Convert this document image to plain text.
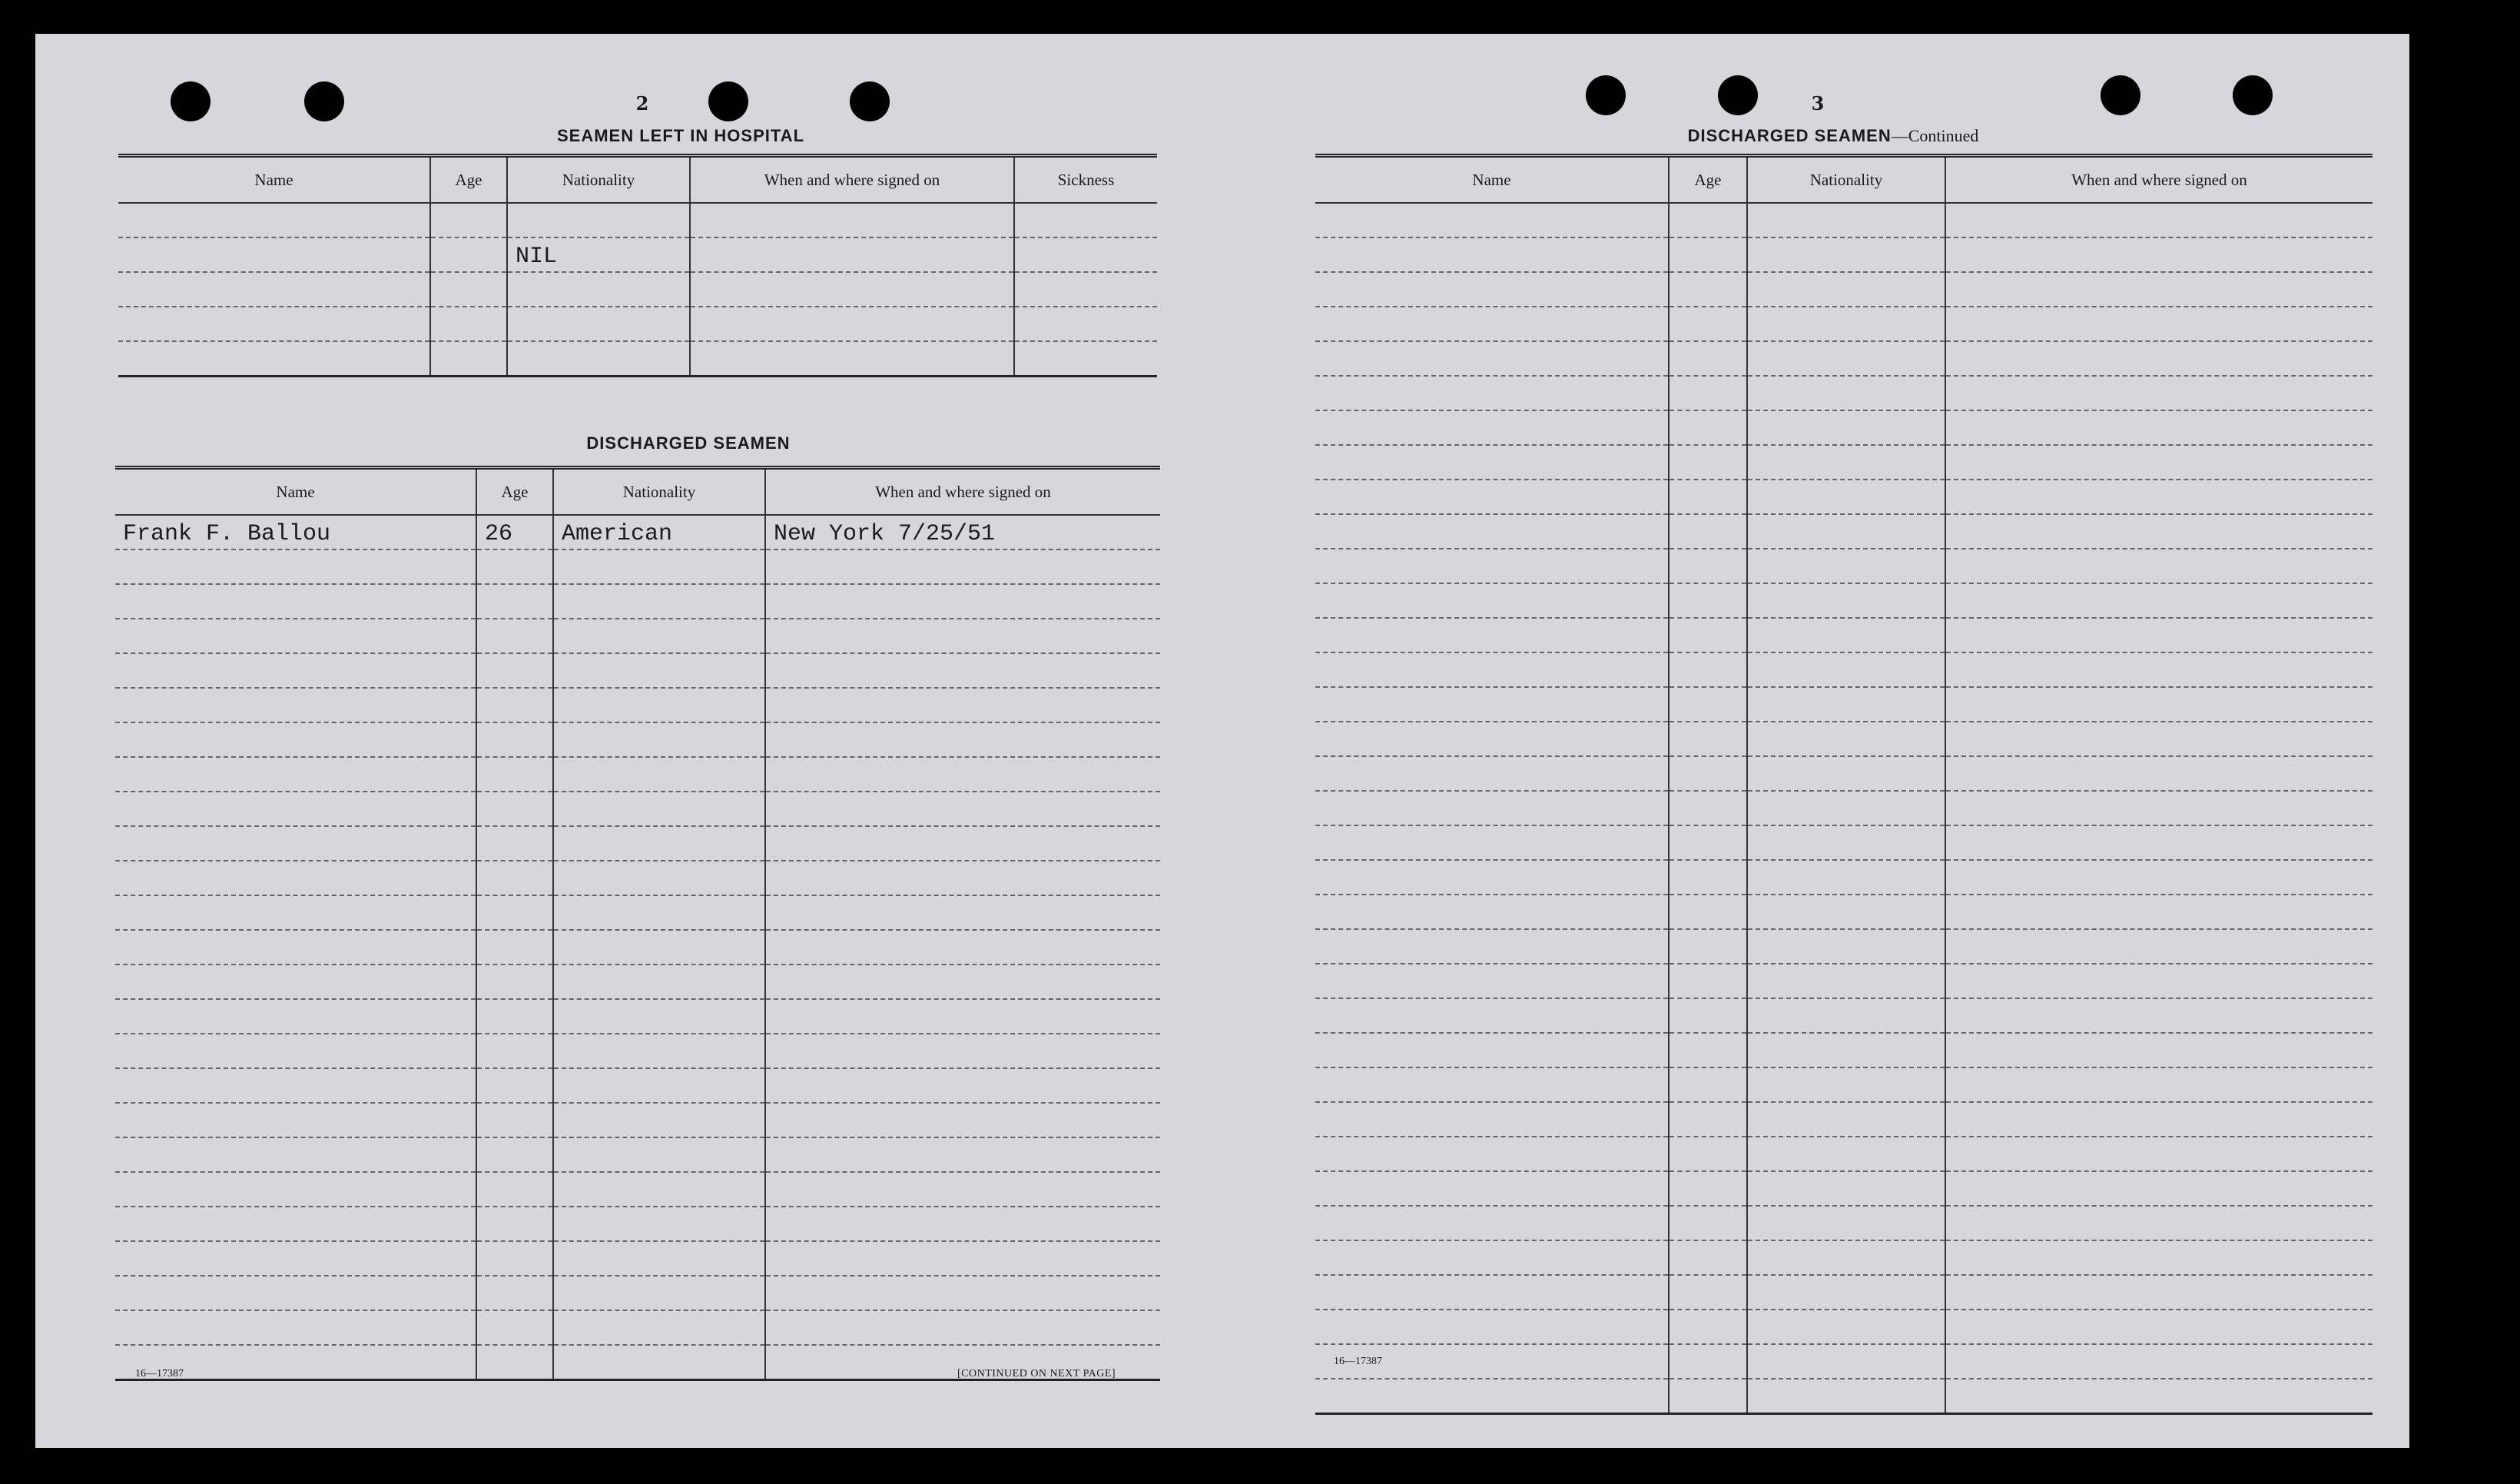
2
SEAMEN LEFT IN HOSPITAL
Name	Age	Nationality	When and where signed on	Sickness

		NIL		

DISCHARGED SEAMEN
Name	Age	Nationality	When and where signed on
Frank F. Ballou	26	American	New York 7/25/51

16—17387	[CONTINUED ON NEXT PAGE]
3
DISCHARGED SEAMEN—Continued
Name	Age	Nationality	When and where signed on

16—17387
